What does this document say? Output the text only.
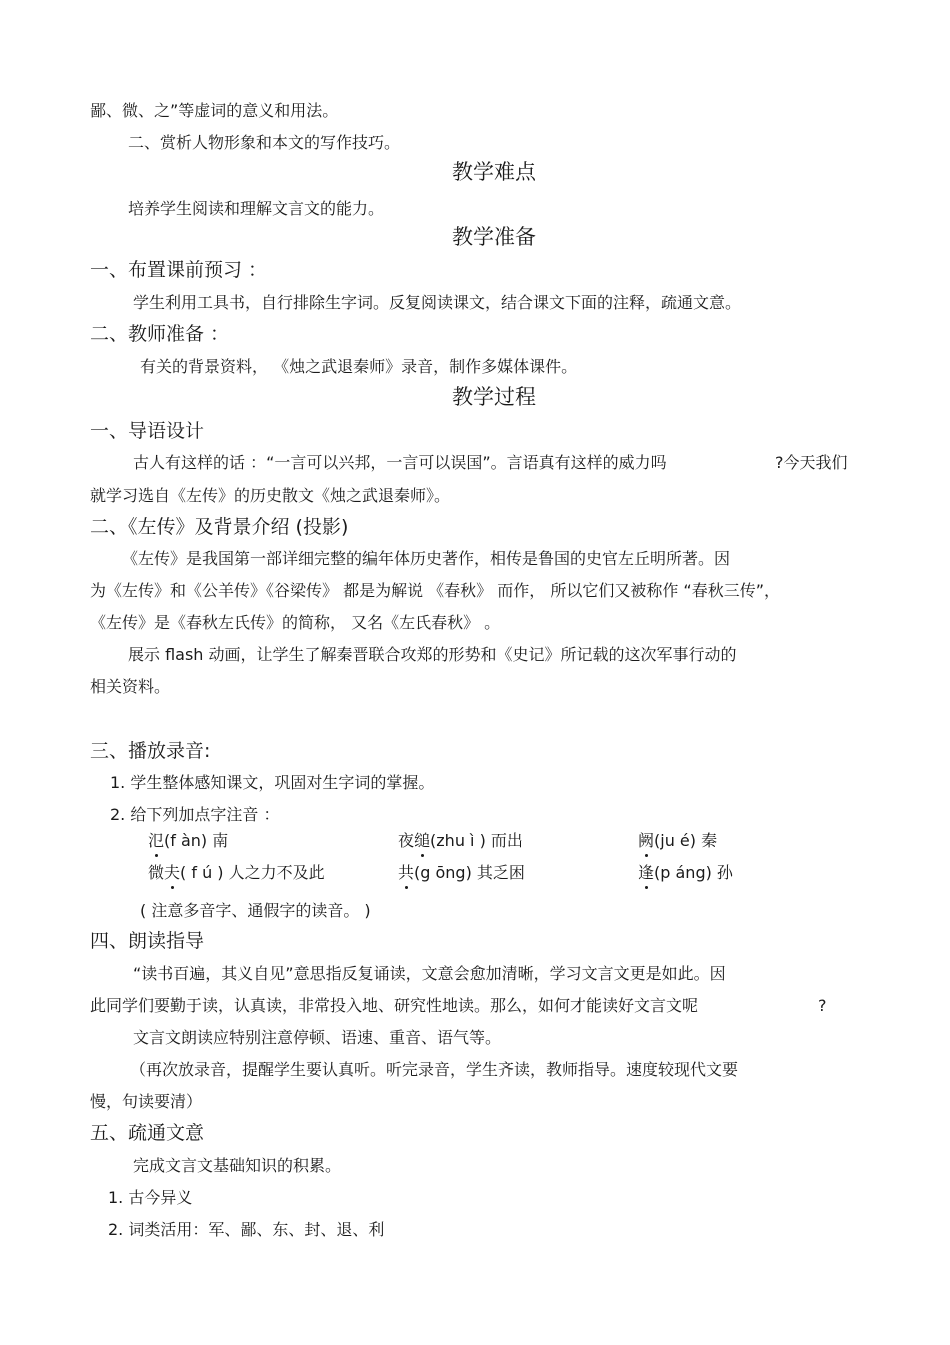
鄙、微、之”等虚词的意义和用法。
二、赏析人物形象和本文的写作技巧。
教学难点
培养学生阅读和理解文言文的能力。
教学准备
一、布置课前预习 ：
学生利用工具书，自行排除生字词。反复阅读课文，结合课文下面的注释，疏通文意。
二、教师准备 ：
有关的背景资料， 《烛之武退秦师》录音，制作多媒体课件。
教学过程
一、导语设计
古人有这样的话 ：“一言可以兴邦，一言可以误国”。言语真有这样的威力吗	?今天我们
就学习选自《左传》的历史散文《烛之武退秦师》。
二、《左传》及背景介绍 (投影)
《左传》是我国第一部详细完整的编年体历史著作，相传是鲁国的史官左丘明所著。因
为《左传》和《公羊传》《谷梁传》 都是为解说 《春秋》 而作， 所以它们又被称作 “春秋三传”，
《左传》是《春秋左氏传》的简称， 又名《左氏春秋》 。
展示 flash 动画，让学生了解秦晋联合攻郑的形势和《史记》所记载的这次军事行动的
相关资料。
三、播放录音:
1. 学生整体感知课文，巩固对生字词的掌握。
2. 给下列加点字注音 ：
氾(f àn) 南	夜缒(zhu ì ) 而出	阙(ju é) 秦
微夫( f ú ) 人之力不及此	共(g ōng) 其乏困	逢(p áng) 孙
( 注意多音字、通假字的读音。 )
四、朗读指导
“读书百遍，其义自见”意思指反复诵读，文意会愈加清晰，学习文言文更是如此。因
此同学们要勤于读，认真读，非常投入地、研究性地读。那么，如何才能读好文言文呢	?
文言文朗读应特别注意停顿、语速、重音、语气等。
（再次放录音，提醒学生要认真听。听完录音，学生齐读，教师指导。速度较现代文要
慢，句读要清）
五、疏通文意
完成文言文基础知识的积累。
1. 古今异义
2. 词类活用：军、鄙、东、封、退、利
